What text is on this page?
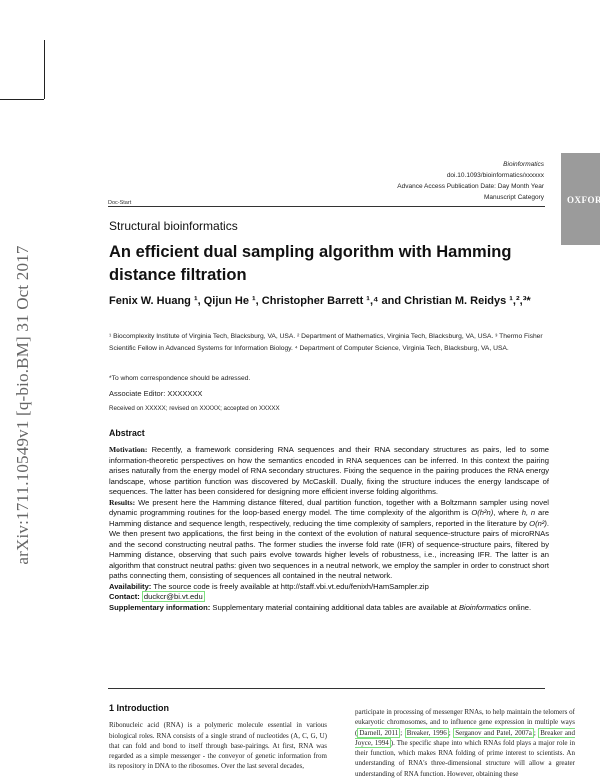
arXiv:1711.10549v1 [q-bio.BM] 31 Oct 2017
OXFORD
Bioinformatics
doi.10.1093/bioinformatics/xxxxxx
Advance Access Publication Date: Day Month Year
Manuscript Category
Doc-Start
Structural bioinformatics
An efficient dual sampling algorithm with Hamming distance filtration
Fenix W. Huang ¹, Qijun He ¹, Christopher Barrett ¹,⁴ and Christian M. Reidys ¹,²,³*
¹ Biocomplexity Institute of Virginia Tech, Blacksburg, VA, USA. ² Department of Mathematics, Virginia Tech, Blacksburg, VA, USA. ³ Thermo Fisher Scientific Fellow in Advanced Systems for Information Biology. ⁴ Department of Computer Science, Virginia Tech, Blacksburg, VA, USA.
*To whom correspondence should be adressed.
Associate Editor: XXXXXXX
Received on XXXXX; revised on XXXXX; accepted on XXXXX
Abstract

Motivation: Recently, a framework considering RNA sequences and their RNA secondary structures as pairs, led to some information-theoretic perspectives on how the semantics encoded in RNA sequences can be inferred. In this context the pairing arises naturally from the energy model of RNA secondary structures. Fixing the sequence in the pairing produces the RNA energy landscape, whose partition function was discovered by McCaskill. Dually, fixing the structure induces the energy landscape of sequences. The latter has been considered for designing more efficient inverse folding algorithms.

Results: We present here the Hamming distance filtered, dual partition function, together with a Boltzmann sampler using novel dynamic programming routines for the loop-based energy model. The time complexity of the algorithm is O(h²n), where h, n are Hamming distance and sequence length, respectively, reducing the time complexity of samplers, reported in the literature by O(n²). We then present two applications, the first being in the context of the evolution of natural sequence-structure pairs of microRNAs and the second constructing neutral paths. The former studies the inverse fold rate (IFR) of sequence-structure pairs, filtered by Hamming distance, observing that such pairs evolve towards higher levels of robustness, i.e., increasing IFR. The latter is an algorithm that construct neutral paths: given two sequences in a neutral network, we employ the sampler in order to construct short paths connecting them, consisting of sequences all contained in the neutral network.

Availability: The source code is freely available at http://staff.vbi.vt.edu/fenixh/HamSampler.zip

Contact: duckcr@bi.vt.edu

Supplementary information: Supplementary material containing additional data tables are available at Bioinformatics online.

1 Introduction

Ribonucleic acid (RNA) is a polymeric molecule essential in various biological roles. RNA consists of a single strand of nucleotides (A, C, G, U) that can fold and bond to itself through base-pairings. At first, RNA was regarded as a simple messenger - the conveyor of genetic information from its repository in DNA to the ribosomes. Over the last several decades,

participate in processing of messenger RNAs, to help maintain the telomers of eukaryotic chromosomes, and to influence gene expression in multiple ways ( Darnell, 2011 ; Breaker, 1996 ; Serganov and Patel, 2007a ; Breaker and Joyce, 1994 ). The specific shape into which RNAs fold plays a major role in their function, which makes RNA folding of prime interest to scientists. An understanding of RNA's three-dimensional structure will allow a greater understanding of RNA function. However, obtaining these
